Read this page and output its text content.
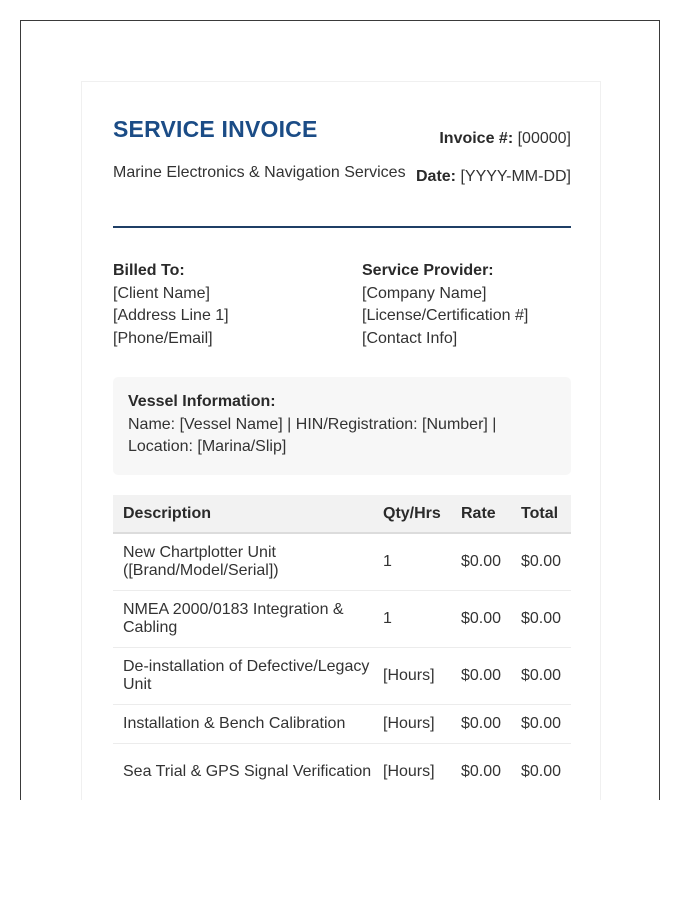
SERVICE INVOICE
Marine Electronics & Navigation Services
Invoice #: [00000]
Date: [YYYY-MM-DD]
Billed To:
[Client Name]
[Address Line 1]
[Phone/Email]
Service Provider:
[Company Name]
[License/Certification #]
[Contact Info]
Vessel Information:
Name: [Vessel Name] | HIN/Registration: [Number] | Location: [Marina/Slip]
Description	Qty/Hrs	Rate	Total
New Chartplotter Unit ([Brand/Model/Serial])	1	$0.00	$0.00
NMEA 2000/0183 Integration & Cabling	1	$0.00	$0.00
De-installation of Defective/Legacy Unit	[Hours]	$0.00	$0.00
Installation & Bench Calibration	[Hours]	$0.00	$0.00
Sea Trial & GPS Signal Verification	[Hours]	$0.00	$0.00
